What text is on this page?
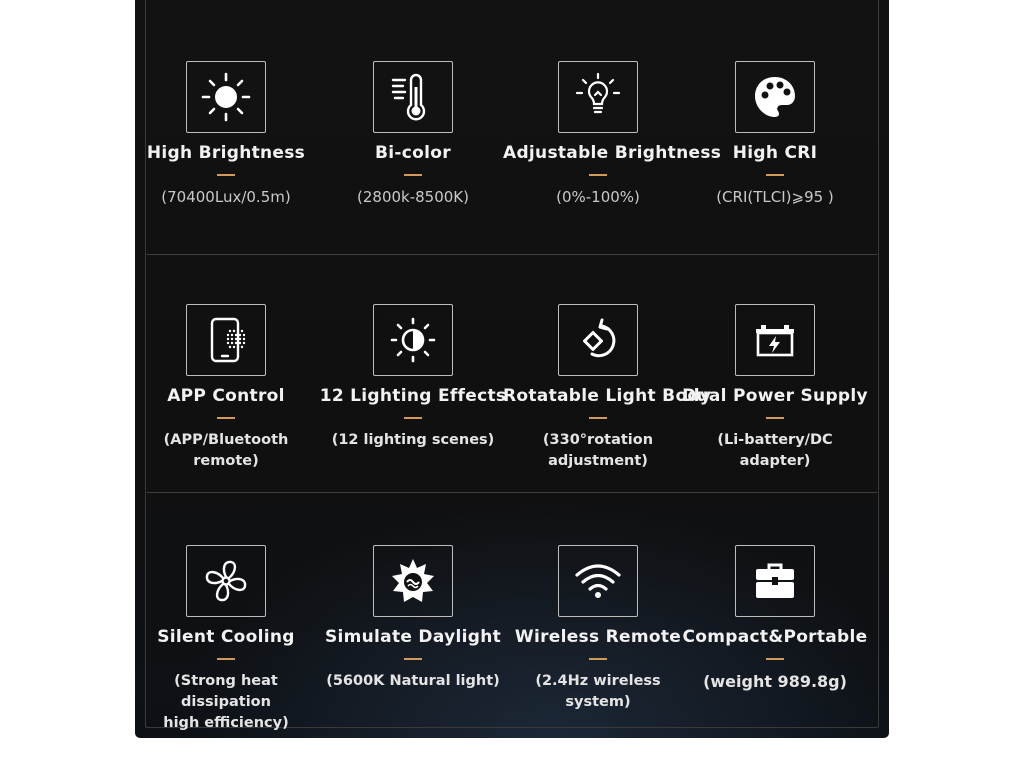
High Brightness
(70400Lux/0.5m)
Bi-color
(2800k-8500K)
Adjustable Brightness
(0%-100%)
High CRI
(CRI(TLCI)⩾95 )
APP Control
(APP/Bluetooth remote)
12 Lighting Effects
(12 lighting scenes)
Rotatable Light Body
(330°rotation adjustment)
Dual Power Supply
(Li-battery/DC adapter)
Silent Cooling
(Strong heat dissipation
high efficiency)
Simulate Daylight
(5600K Natural light)
Wireless Remote
(2.4Hz wireless system)
Compact&Portable
(weight 989.8g)
